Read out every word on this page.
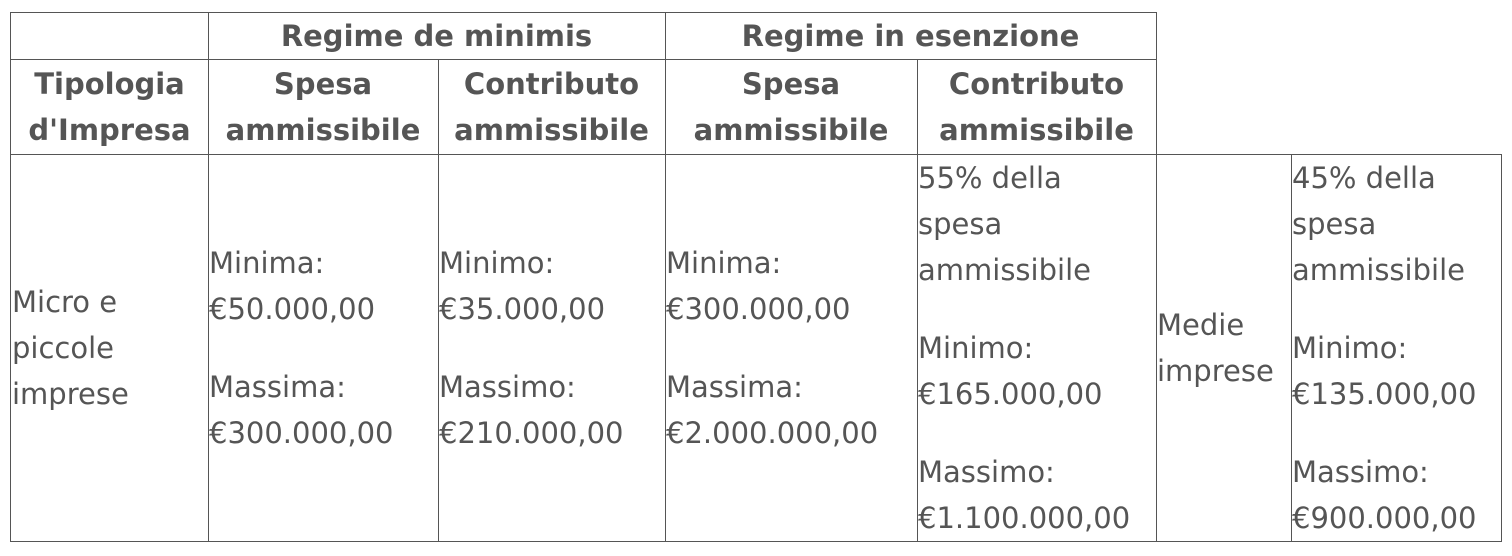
Regime de minimis	Regime in esenzione
Tipologia
d'Impresa
Spesa
ammissibile
Contributo
ammissibile
Spesa
ammissibile
Contributo
ammissibile
Micro e
piccole
imprese
Minima:
€50.000,00
Massima:
€300.000,00
Minimo:
€35.000,00
Massimo:
€210.000,00
Minima:
€300.000,00
Massima:
€2.000.000,00
55% della
spesa
ammissibile
Minimo:
€165.000,00
Massimo:
€1.100.000,00
Medie
imprese
45% della
spesa
ammissibile
Minimo:
€135.000,00
Massimo:
€900.000,00
